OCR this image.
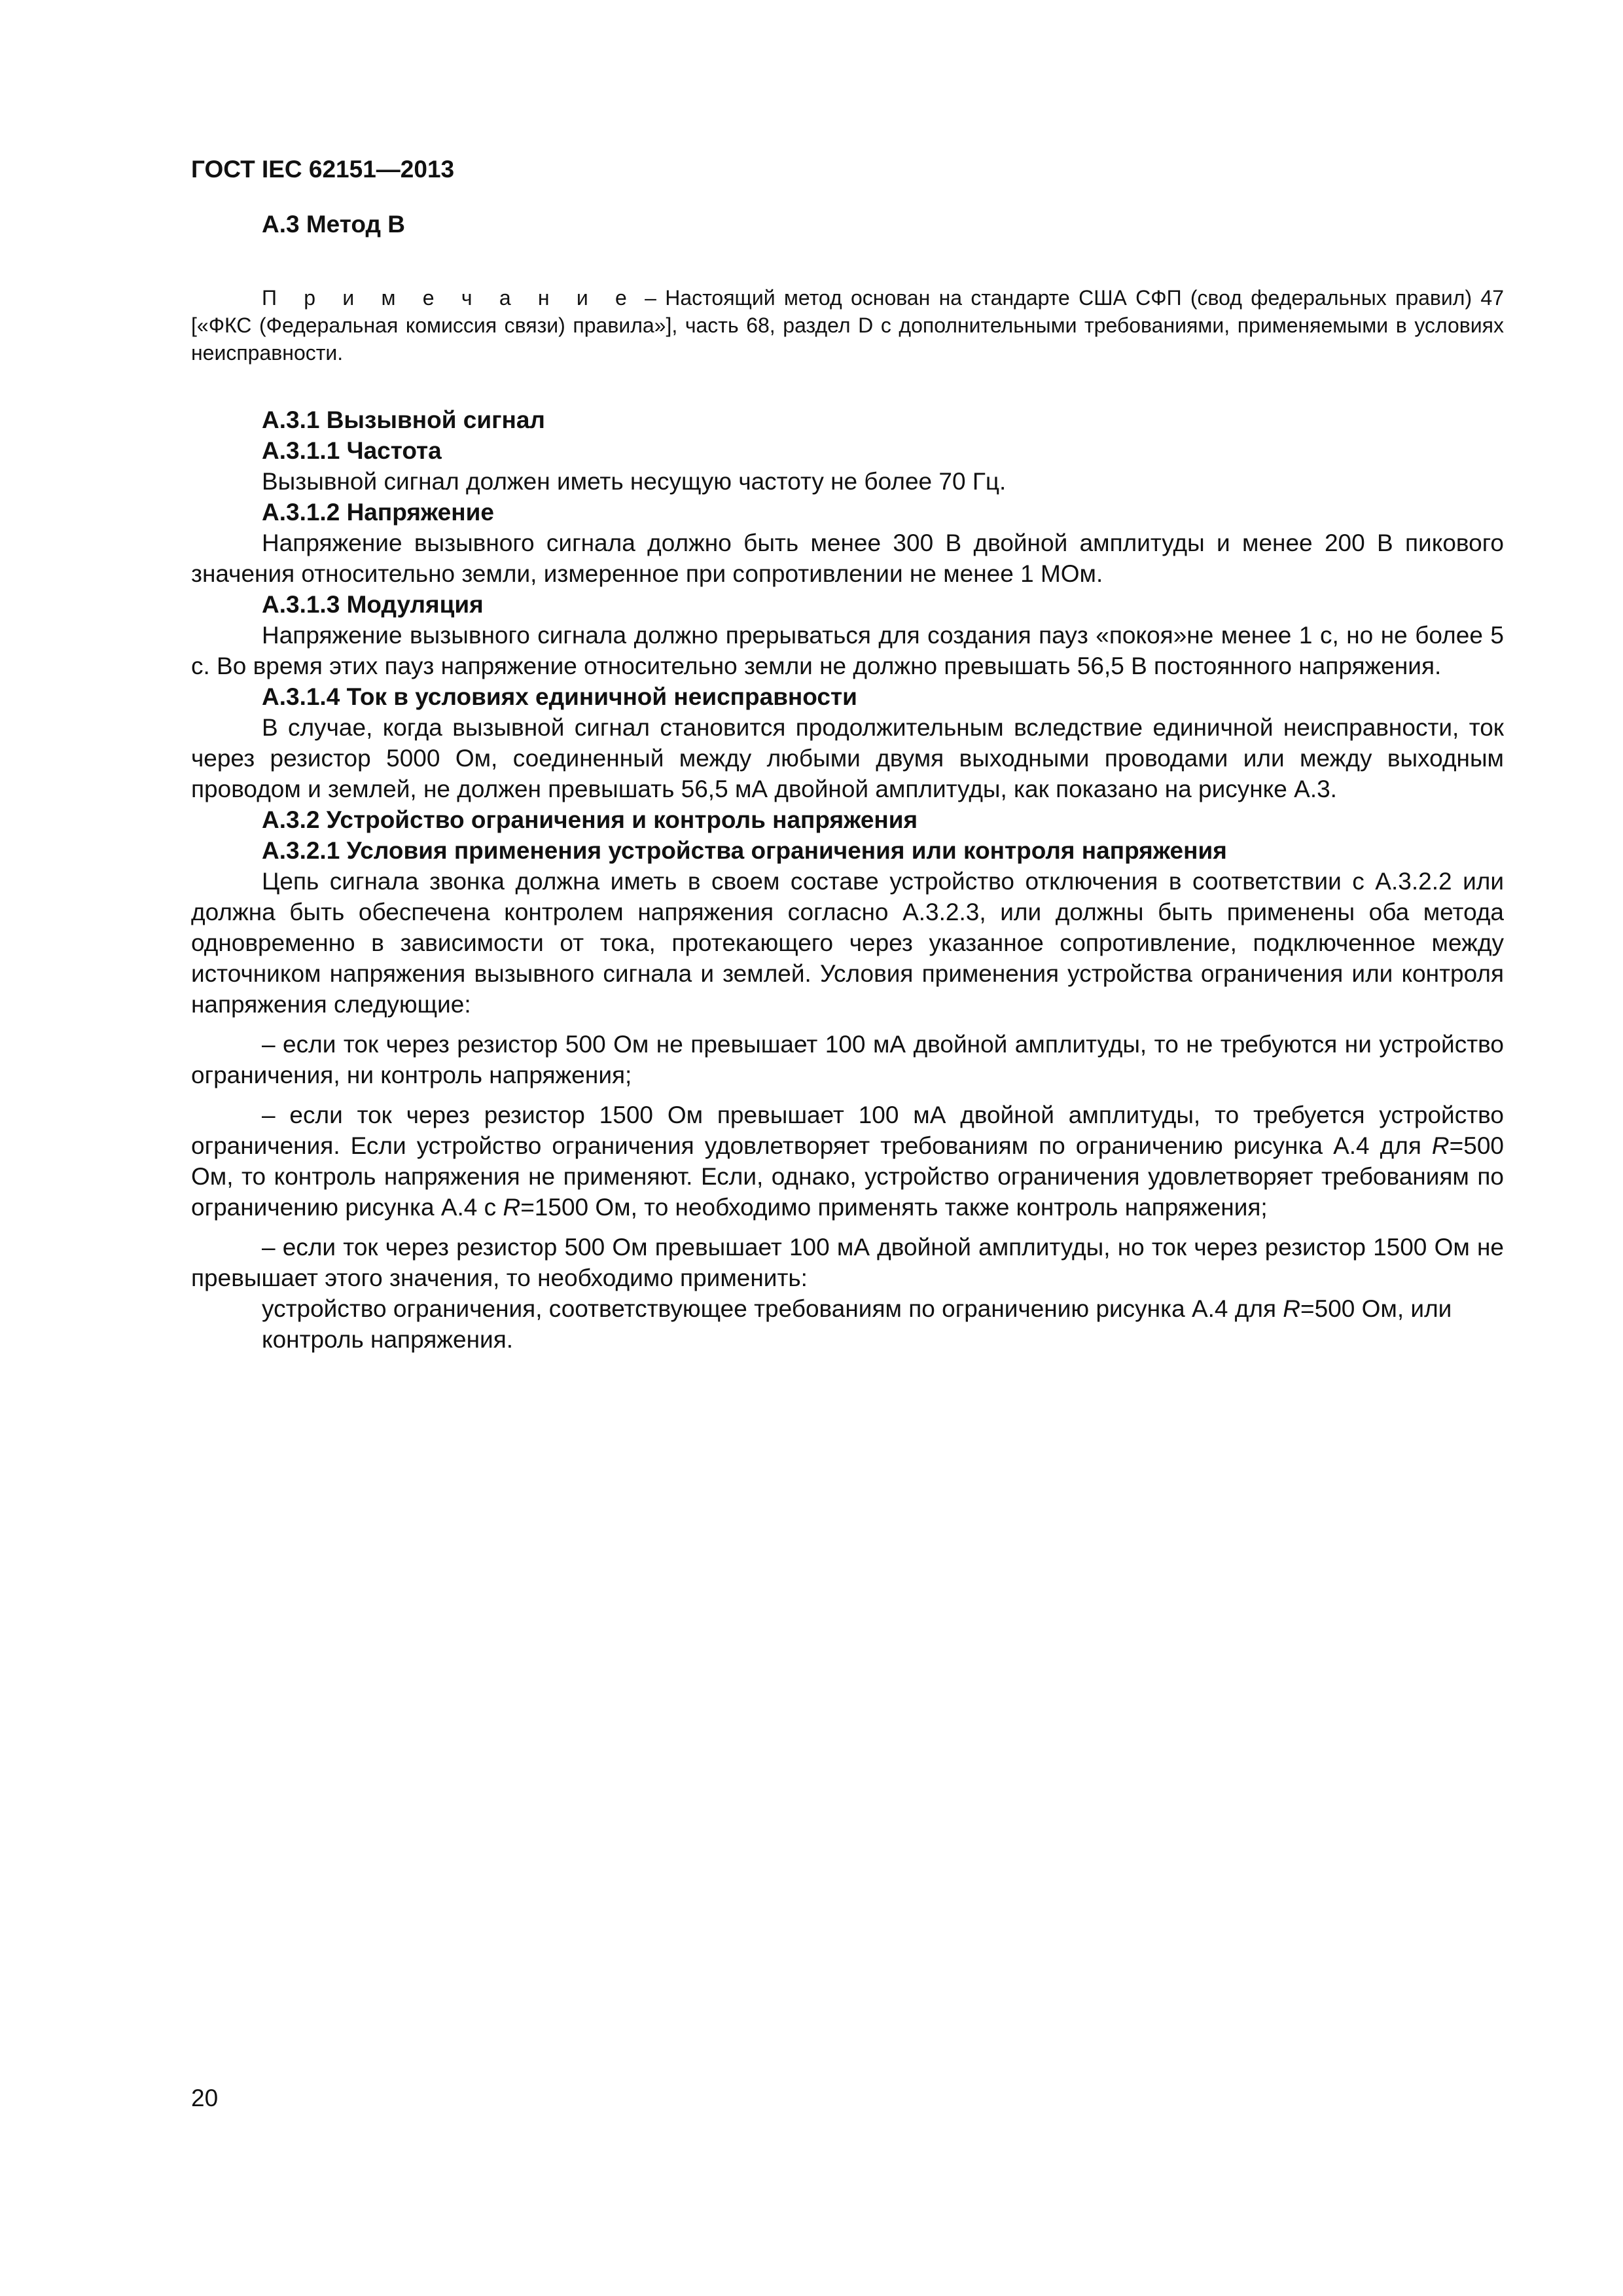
ГОСТ IEC 62151—2013
А.3 Метод В

П р и м е ч а н и е – Настоящий метод основан на стандарте США СФП (свод федеральных правил) 47 [«ФКС (Федеральная комиссия связи) правила»], часть 68, раздел D с дополнительными требованиями, применяемыми в условиях неисправности.

А.3.1 Вызывной сигнал

А.3.1.1 Частота

Вызывной сигнал должен иметь несущую частоту не более 70 Гц.

А.3.1.2 Напряжение

Напряжение вызывного сигнала должно быть менее 300 В двойной амплитуды и менее 200 В пикового значения относительно земли, измеренное при сопротивлении не менее 1 МОм.

А.3.1.3 Модуляция

Напряжение вызывного сигнала должно прерываться для создания пауз «покоя»не менее 1 с, но не более 5 с. Во время этих пауз напряжение относительно земли не должно превышать 56,5 В постоянного напряжения.

А.3.1.4 Ток в условиях единичной неисправности

В случае, когда вызывной сигнал становится продолжительным вследствие единичной неисправности, ток через резистор 5000 Ом, соединенный между любыми двумя выходными проводами или между выходным проводом и землей, не должен превышать 56,5 мА двойной амплитуды, как показано на рисунке А.3.

А.3.2 Устройство ограничения и контроль напряжения

А.3.2.1 Условия применения устройства ограничения или контроля напряжения

Цепь сигнала звонка должна иметь в своем составе устройство отключения в соответствии с А.3.2.2 или должна быть обеспечена контролем напряжения согласно А.3.2.3, или должны быть применены оба метода одновременно в зависимости от тока, протекающего через указанное сопротивление, подключенное между источником напряжения вызывного сигнала и землей. Условия применения устройства ограничения или контроля напряжения следующие:

– если ток через резистор 500 Ом не превышает 100 мА двойной амплитуды, то не требуются ни устройство ограничения, ни контроль напряжения;

– если ток через резистор 1500 Ом превышает 100 мА двойной амплитуды, то требуется устройство ограничения. Если устройство ограничения удовлетворяет требованиям по ограничению рисунка А.4 для R=500 Ом, то контроль напряжения не применяют. Если, однако, устройство ограничения удовлетворяет требованиям по ограничению рисунка А.4 с R=1500 Ом, то необходимо применять также контроль напряжения;

– если ток через резистор 500 Ом превышает 100 мА двойной амплитуды, но ток через резистор 1500 Ом не превышает этого значения, то необходимо применить:

устройство ограничения, соответствующее требованиям по ограничению рисунка А.4 для R=500 Ом, или

контроль напряжения.

20
